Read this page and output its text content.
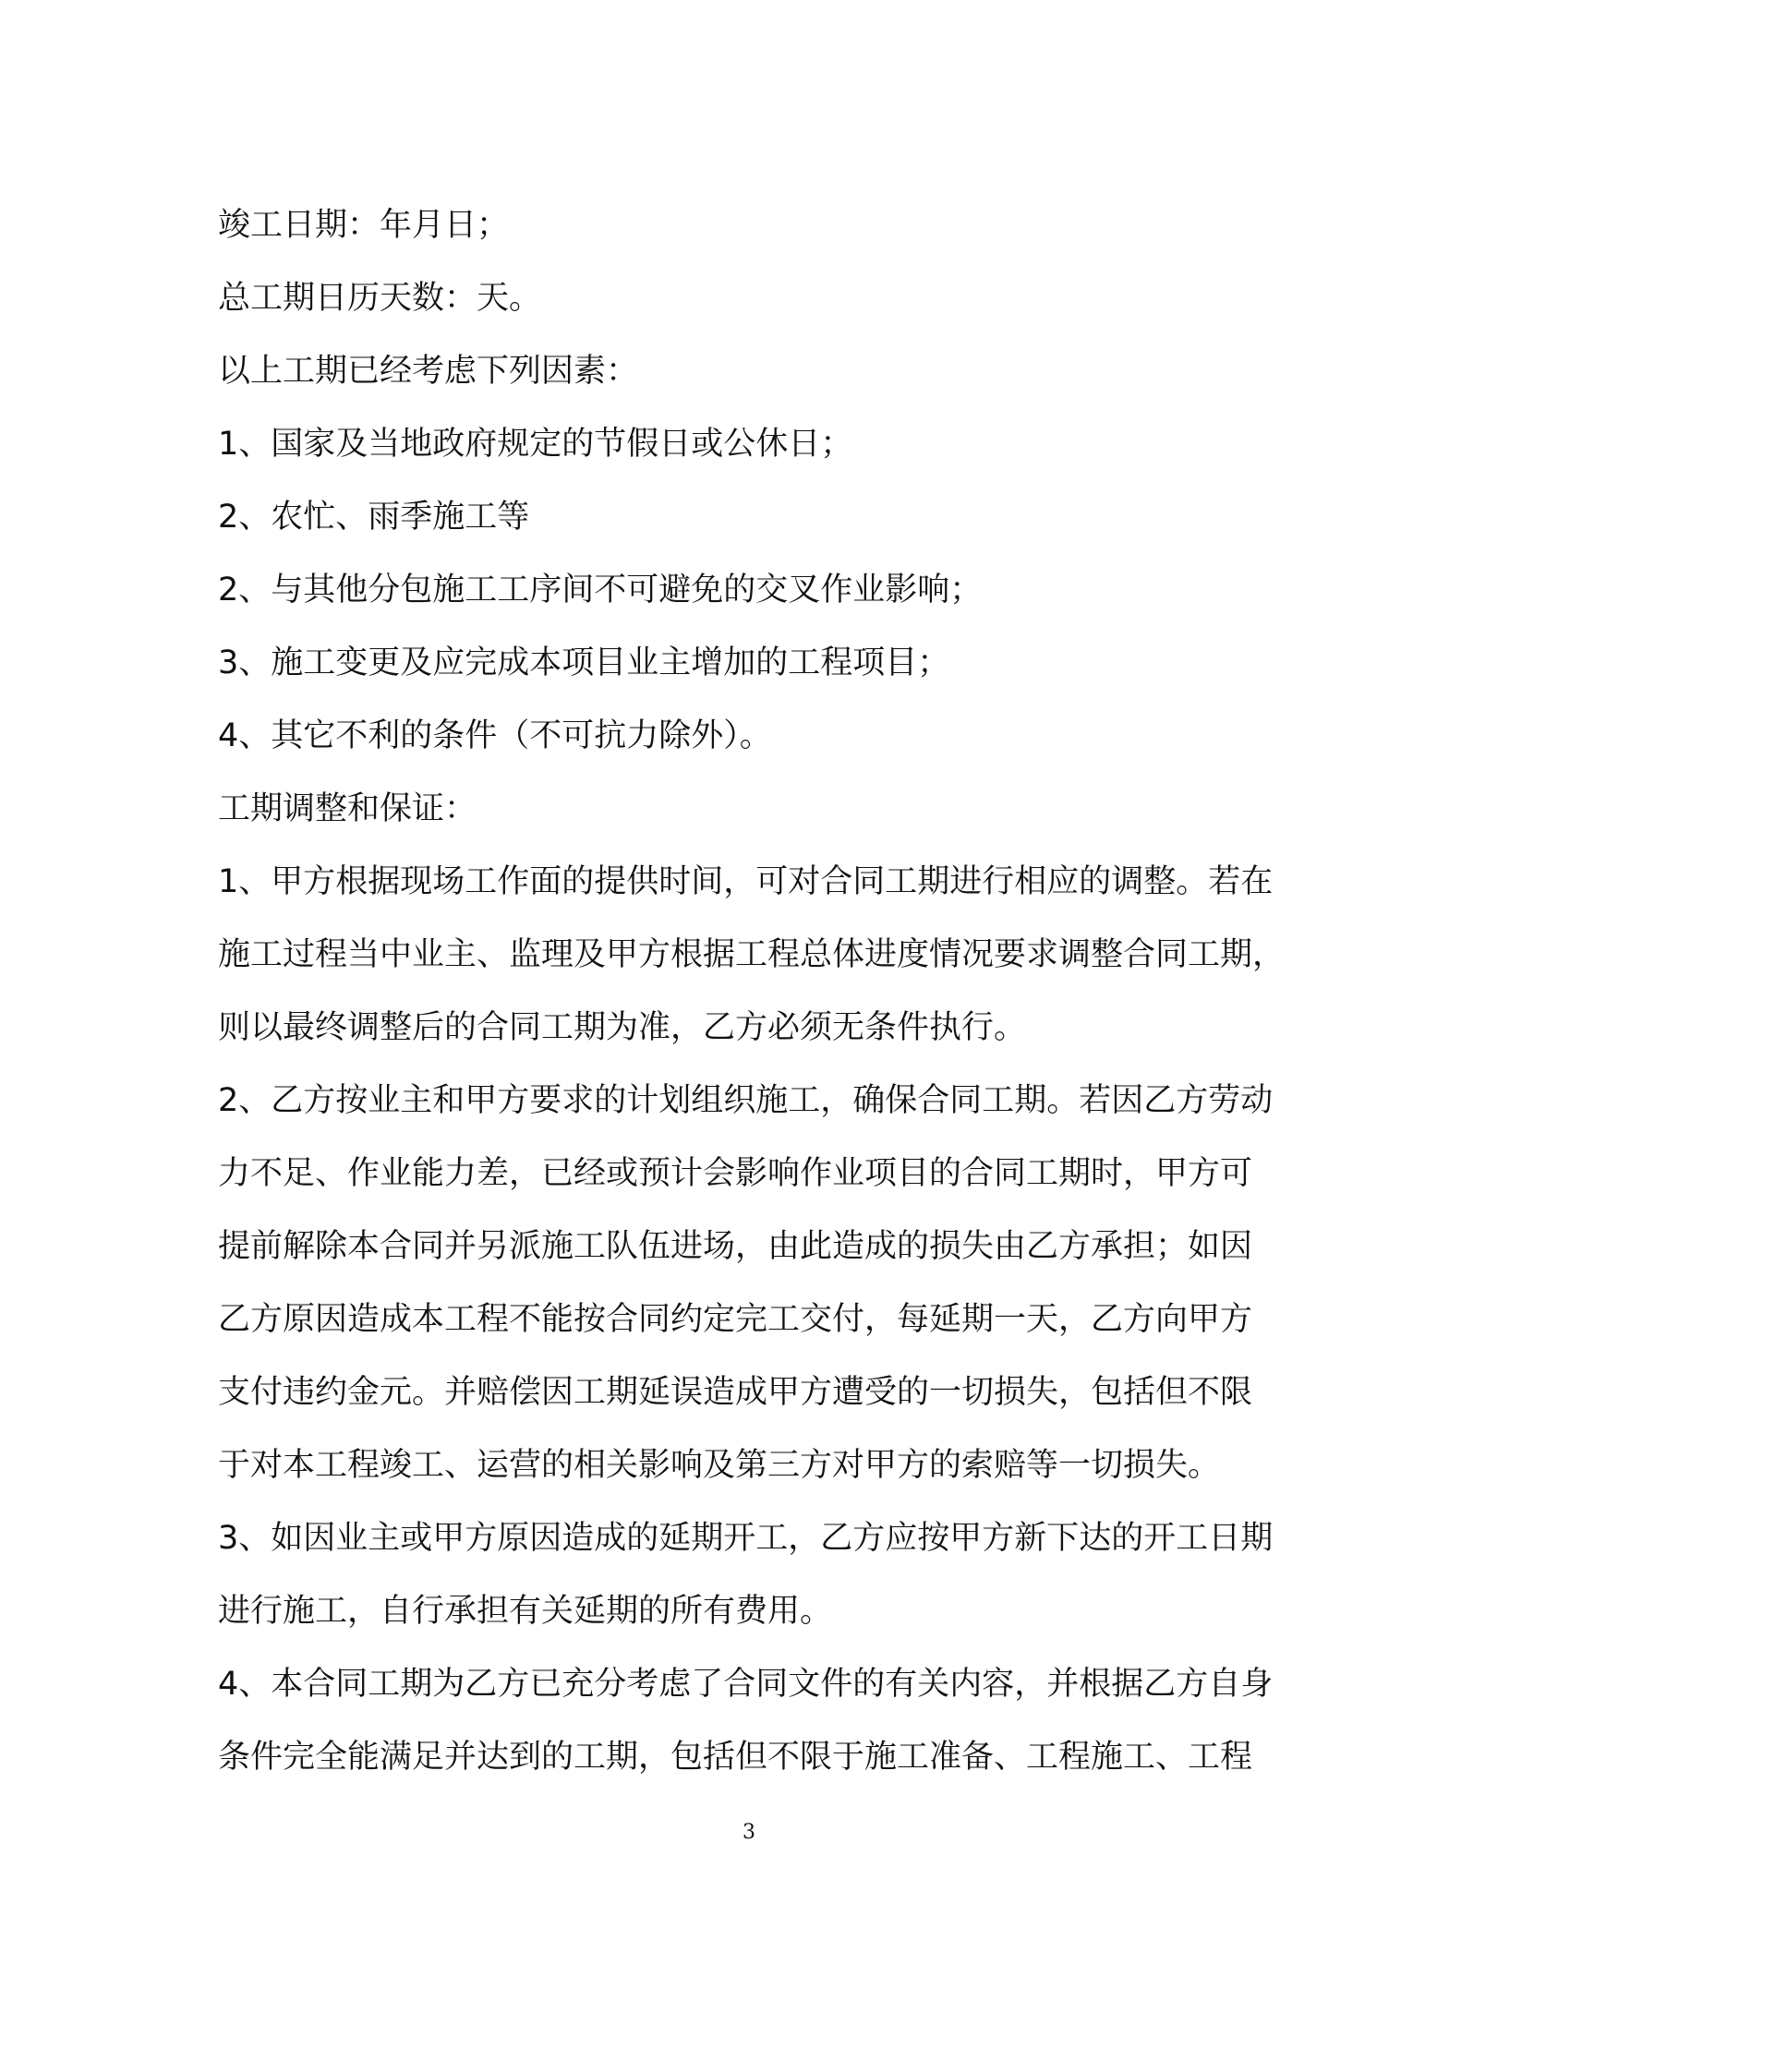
竣工日期：年月日；
总工期日历天数：天。
以上工期已经考虑下列因素：
1、国家及当地政府规定的节假日或公休日；
2、农忙、雨季施工等
2、与其他分包施工工序间不可避免的交叉作业影响；
3、施工变更及应完成本项目业主增加的工程项目；
4、其它不利的条件（不可抗力除外）。
工期调整和保证：
1、甲方根据现场工作面的提供时间，可对合同工期进行相应的调整。若在
施工过程当中业主、监理及甲方根据工程总体进度情况要求调整合同工期，
则以最终调整后的合同工期为准，乙方必须无条件执行。
2、乙方按业主和甲方要求的计划组织施工，确保合同工期。若因乙方劳动
力不足、作业能力差，已经或预计会影响作业项目的合同工期时，甲方可
提前解除本合同并另派施工队伍进场，由此造成的损失由乙方承担；如因
乙方原因造成本工程不能按合同约定完工交付，每延期一天，乙方向甲方
支付违约金元。并赔偿因工期延误造成甲方遭受的一切损失，包括但不限
于对本工程竣工、运营的相关影响及第三方对甲方的索赔等一切损失。
3、如因业主或甲方原因造成的延期开工，乙方应按甲方新下达的开工日期
进行施工，自行承担有关延期的所有费用。
4、本合同工期为乙方已充分考虑了合同文件的有关内容，并根据乙方自身
条件完全能满足并达到的工期，包括但不限于施工准备、工程施工、工程
3
